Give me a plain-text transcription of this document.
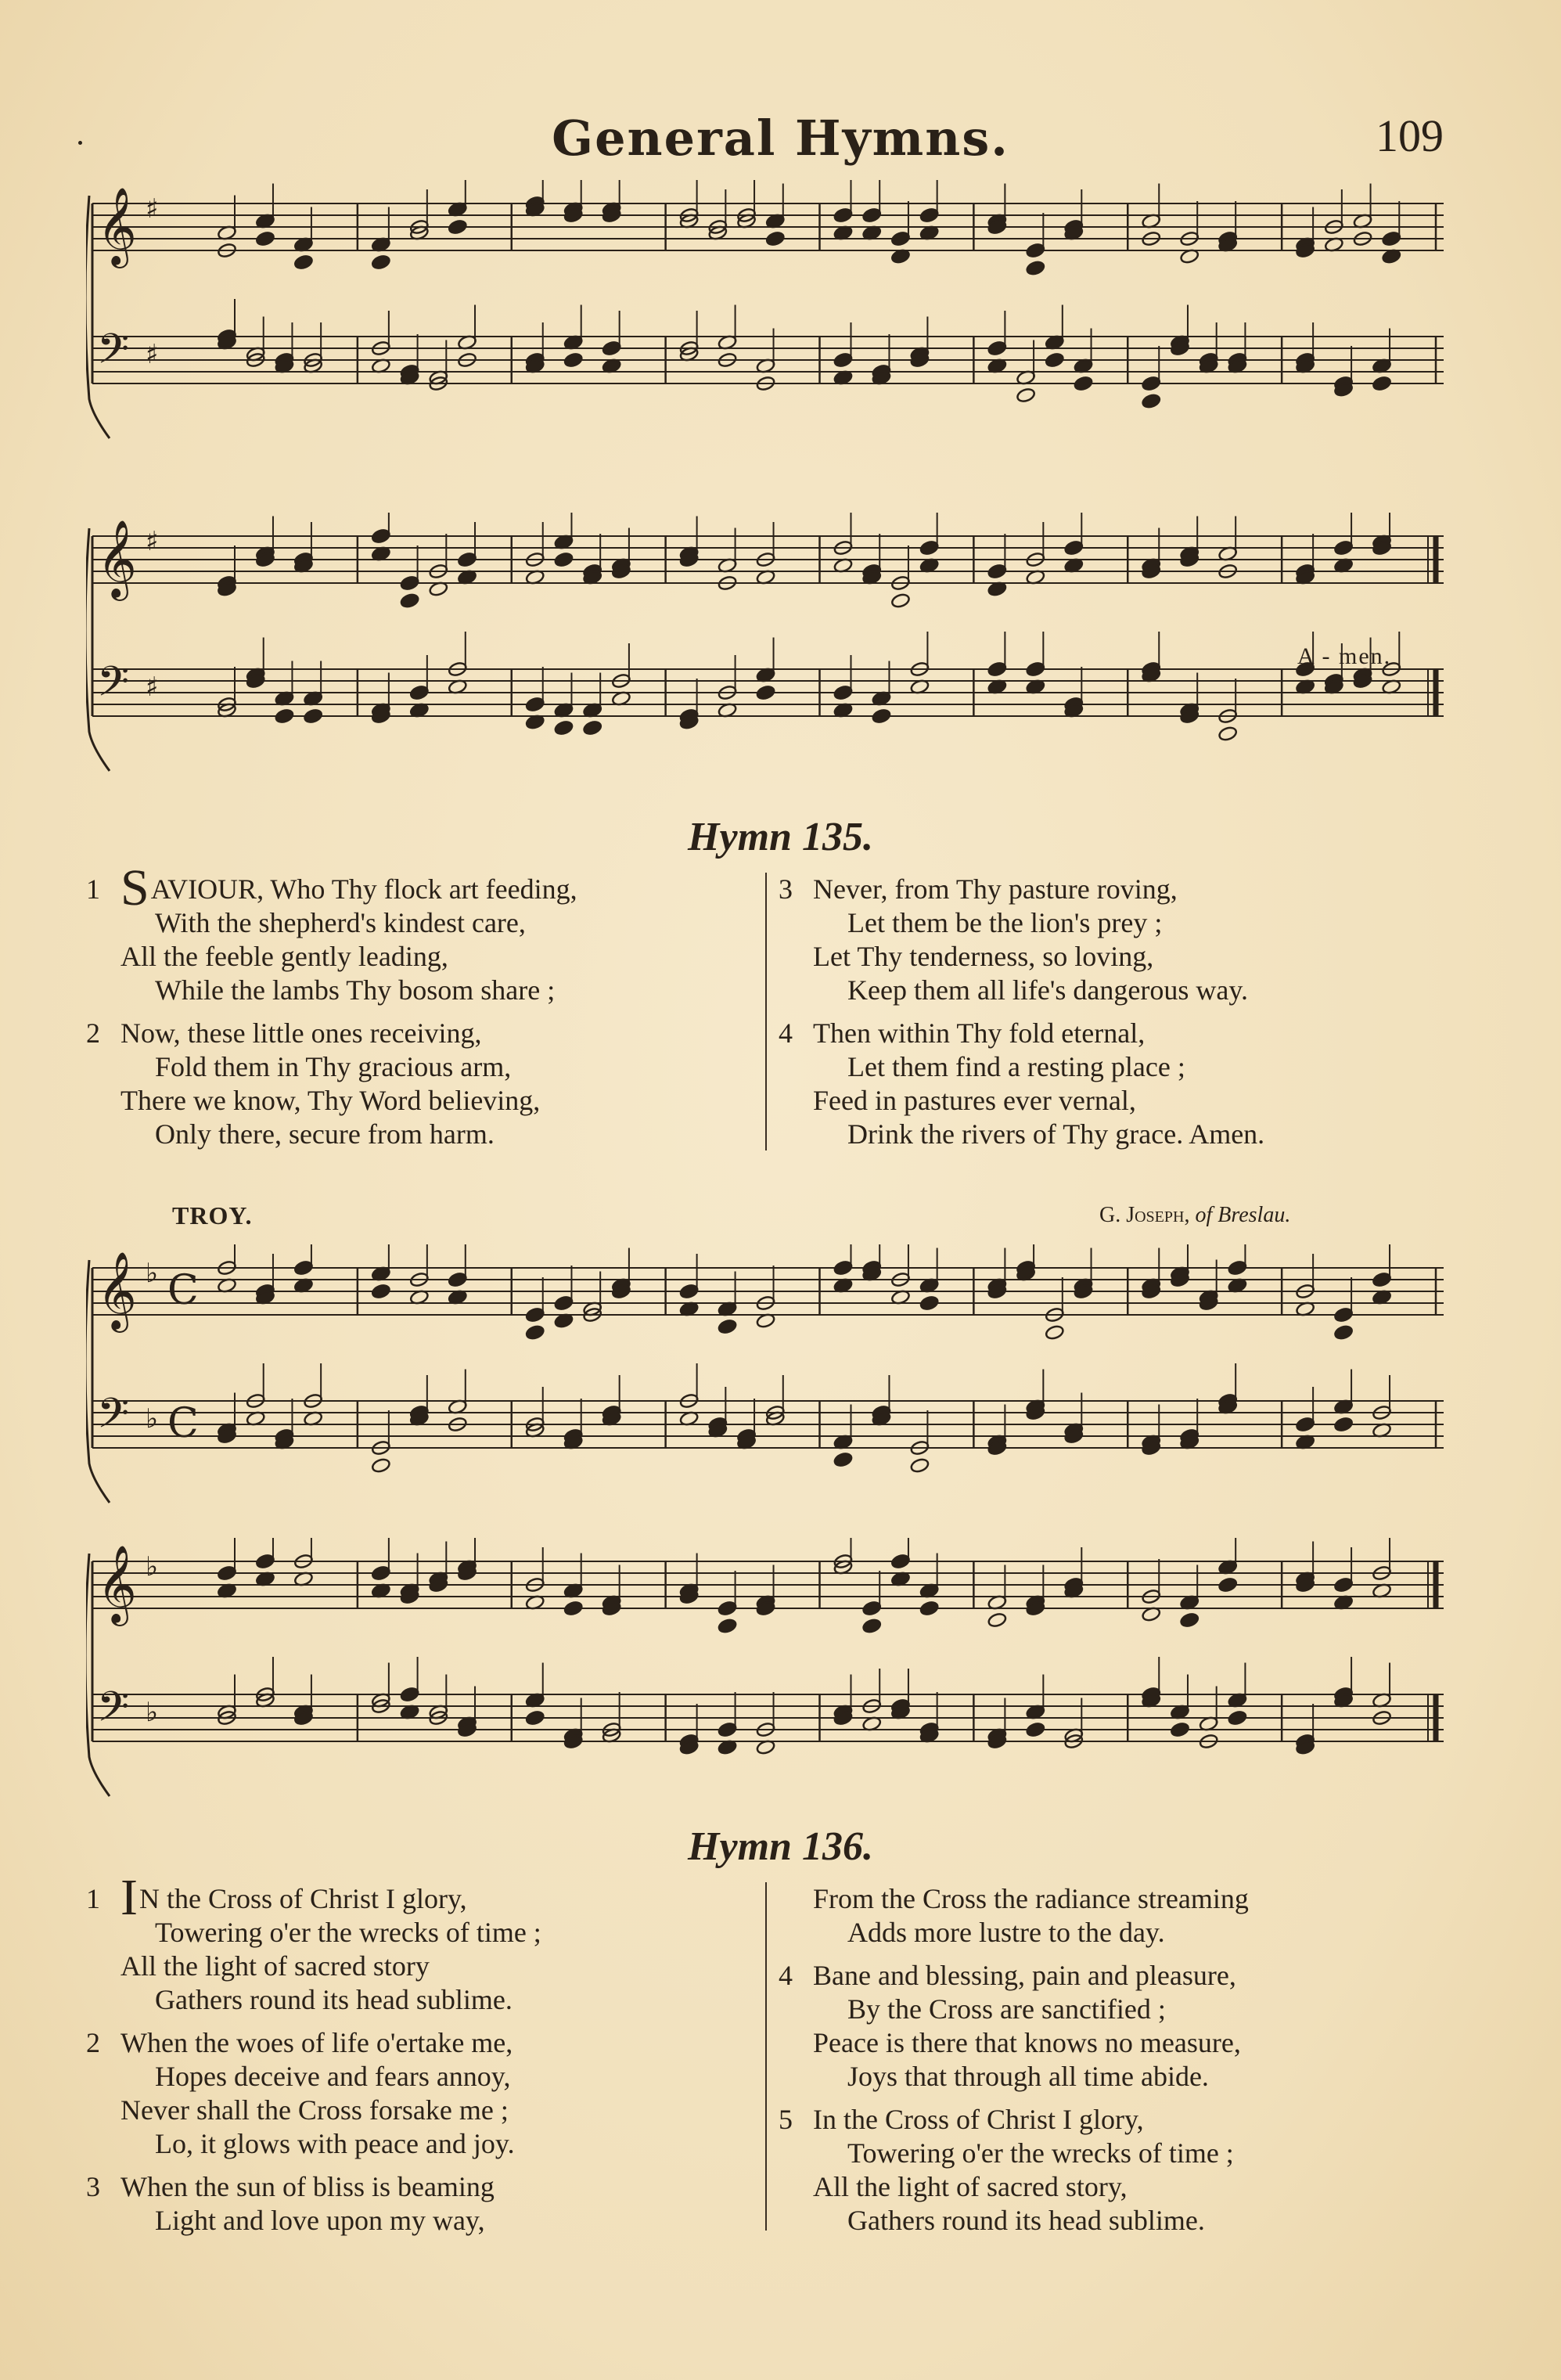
General Hymns.	109
𝄞 ♯
𝄢 ♯
𝄞 ♯
𝄢 ♯
A - men.
Hymn 135.
1 SAVIOUR, Who Thy flock art feeding,
With the shepherd's kindest care,
All the feeble gently leading,
While the lambs Thy bosom share ;
2 Now, these little ones receiving,
Fold them in Thy gracious arm,
There we know, Thy Word believing,
Only there, secure from harm.
3 Never, from Thy pasture roving,
Let them be the lion's prey ;
Let Thy tenderness, so loving,
Keep them all life's dangerous way.
4 Then within Thy fold eternal,
Let them find a resting place ;
Feed in pastures ever vernal,
Drink the rivers of Thy grace. Amen.
TROY.	G. Joseph, of Breslau.
𝄞 ♭ C
𝄢 ♭ C
𝄞 ♭
𝄢 ♭
Hymn 136.
1 IN the Cross of Christ I glory,
Towering o'er the wrecks of time ;
All the light of sacred story
Gathers round its head sublime.
2 When the woes of life o'ertake me,
Hopes deceive and fears annoy,
Never shall the Cross forsake me ;
Lo, it glows with peace and joy.
3 When the sun of bliss is beaming
Light and love upon my way,
From the Cross the radiance streaming
Adds more lustre to the day.
4 Bane and blessing, pain and pleasure,
By the Cross are sanctified ;
Peace is there that knows no measure,
Joys that through all time abide.
5 In the Cross of Christ I glory,
Towering o'er the wrecks of time ;
All the light of sacred story,
Gathers round its head sublime.
